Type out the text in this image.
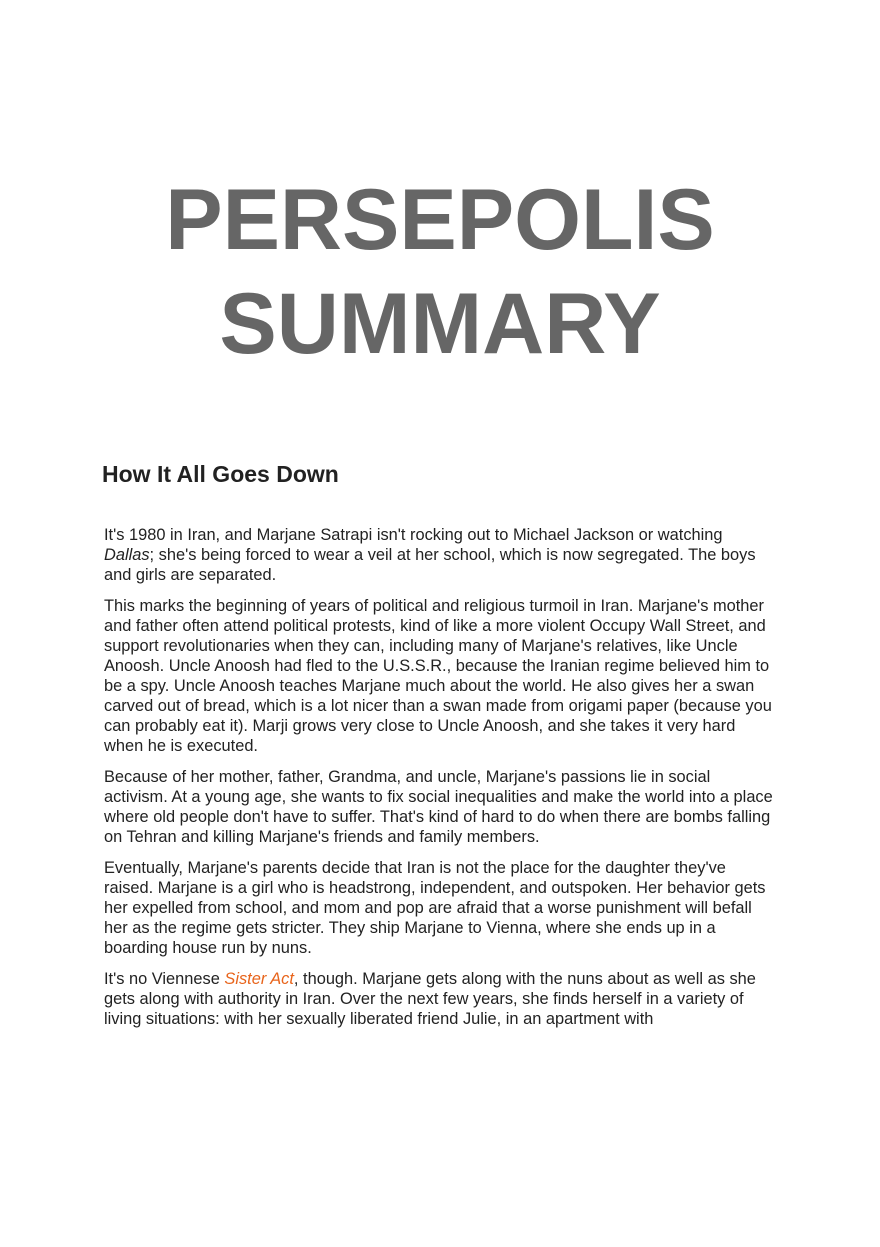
PERSEPOLIS
SUMMARY
How It All Goes Down

It's 1980 in Iran, and Marjane Satrapi isn't rocking out to Michael Jackson or watching Dallas; she's being forced to wear a veil at her school, which is now segregated. The boys and girls are separated.

This marks the beginning of years of political and religious turmoil in Iran. Marjane's mother and father often attend political protests, kind of like a more violent Occupy Wall Street, and support revolutionaries when they can, including many of Marjane's relatives, like Uncle Anoosh. Uncle Anoosh had fled to the U.S.S.R., because the Iranian regime believed him to be a spy. Uncle Anoosh teaches Marjane much about the world. He also gives her a swan carved out of bread, which is a lot nicer than a swan made from origami paper (because you can probably eat it). Marji grows very close to Uncle Anoosh, and she takes it very hard when he is executed.

Because of her mother, father, Grandma, and uncle, Marjane's passions lie in social activism. At a young age, she wants to fix social inequalities and make the world into a place where old people don't have to suffer. That's kind of hard to do when there are bombs falling on Tehran and killing Marjane's friends and family members.

Eventually, Marjane's parents decide that Iran is not the place for the daughter they've raised. Marjane is a girl who is headstrong, independent, and outspoken. Her behavior gets her expelled from school, and mom and pop are afraid that a worse punishment will befall her as the regime gets stricter. They ship Marjane to Vienna, where she ends up in a boarding house run by nuns.

It's no Viennese Sister Act, though. Marjane gets along with the nuns about as well as she gets along with authority in Iran. Over the next few years, she finds herself in a variety of living situations: with her sexually liberated friend Julie, in an apartment with
